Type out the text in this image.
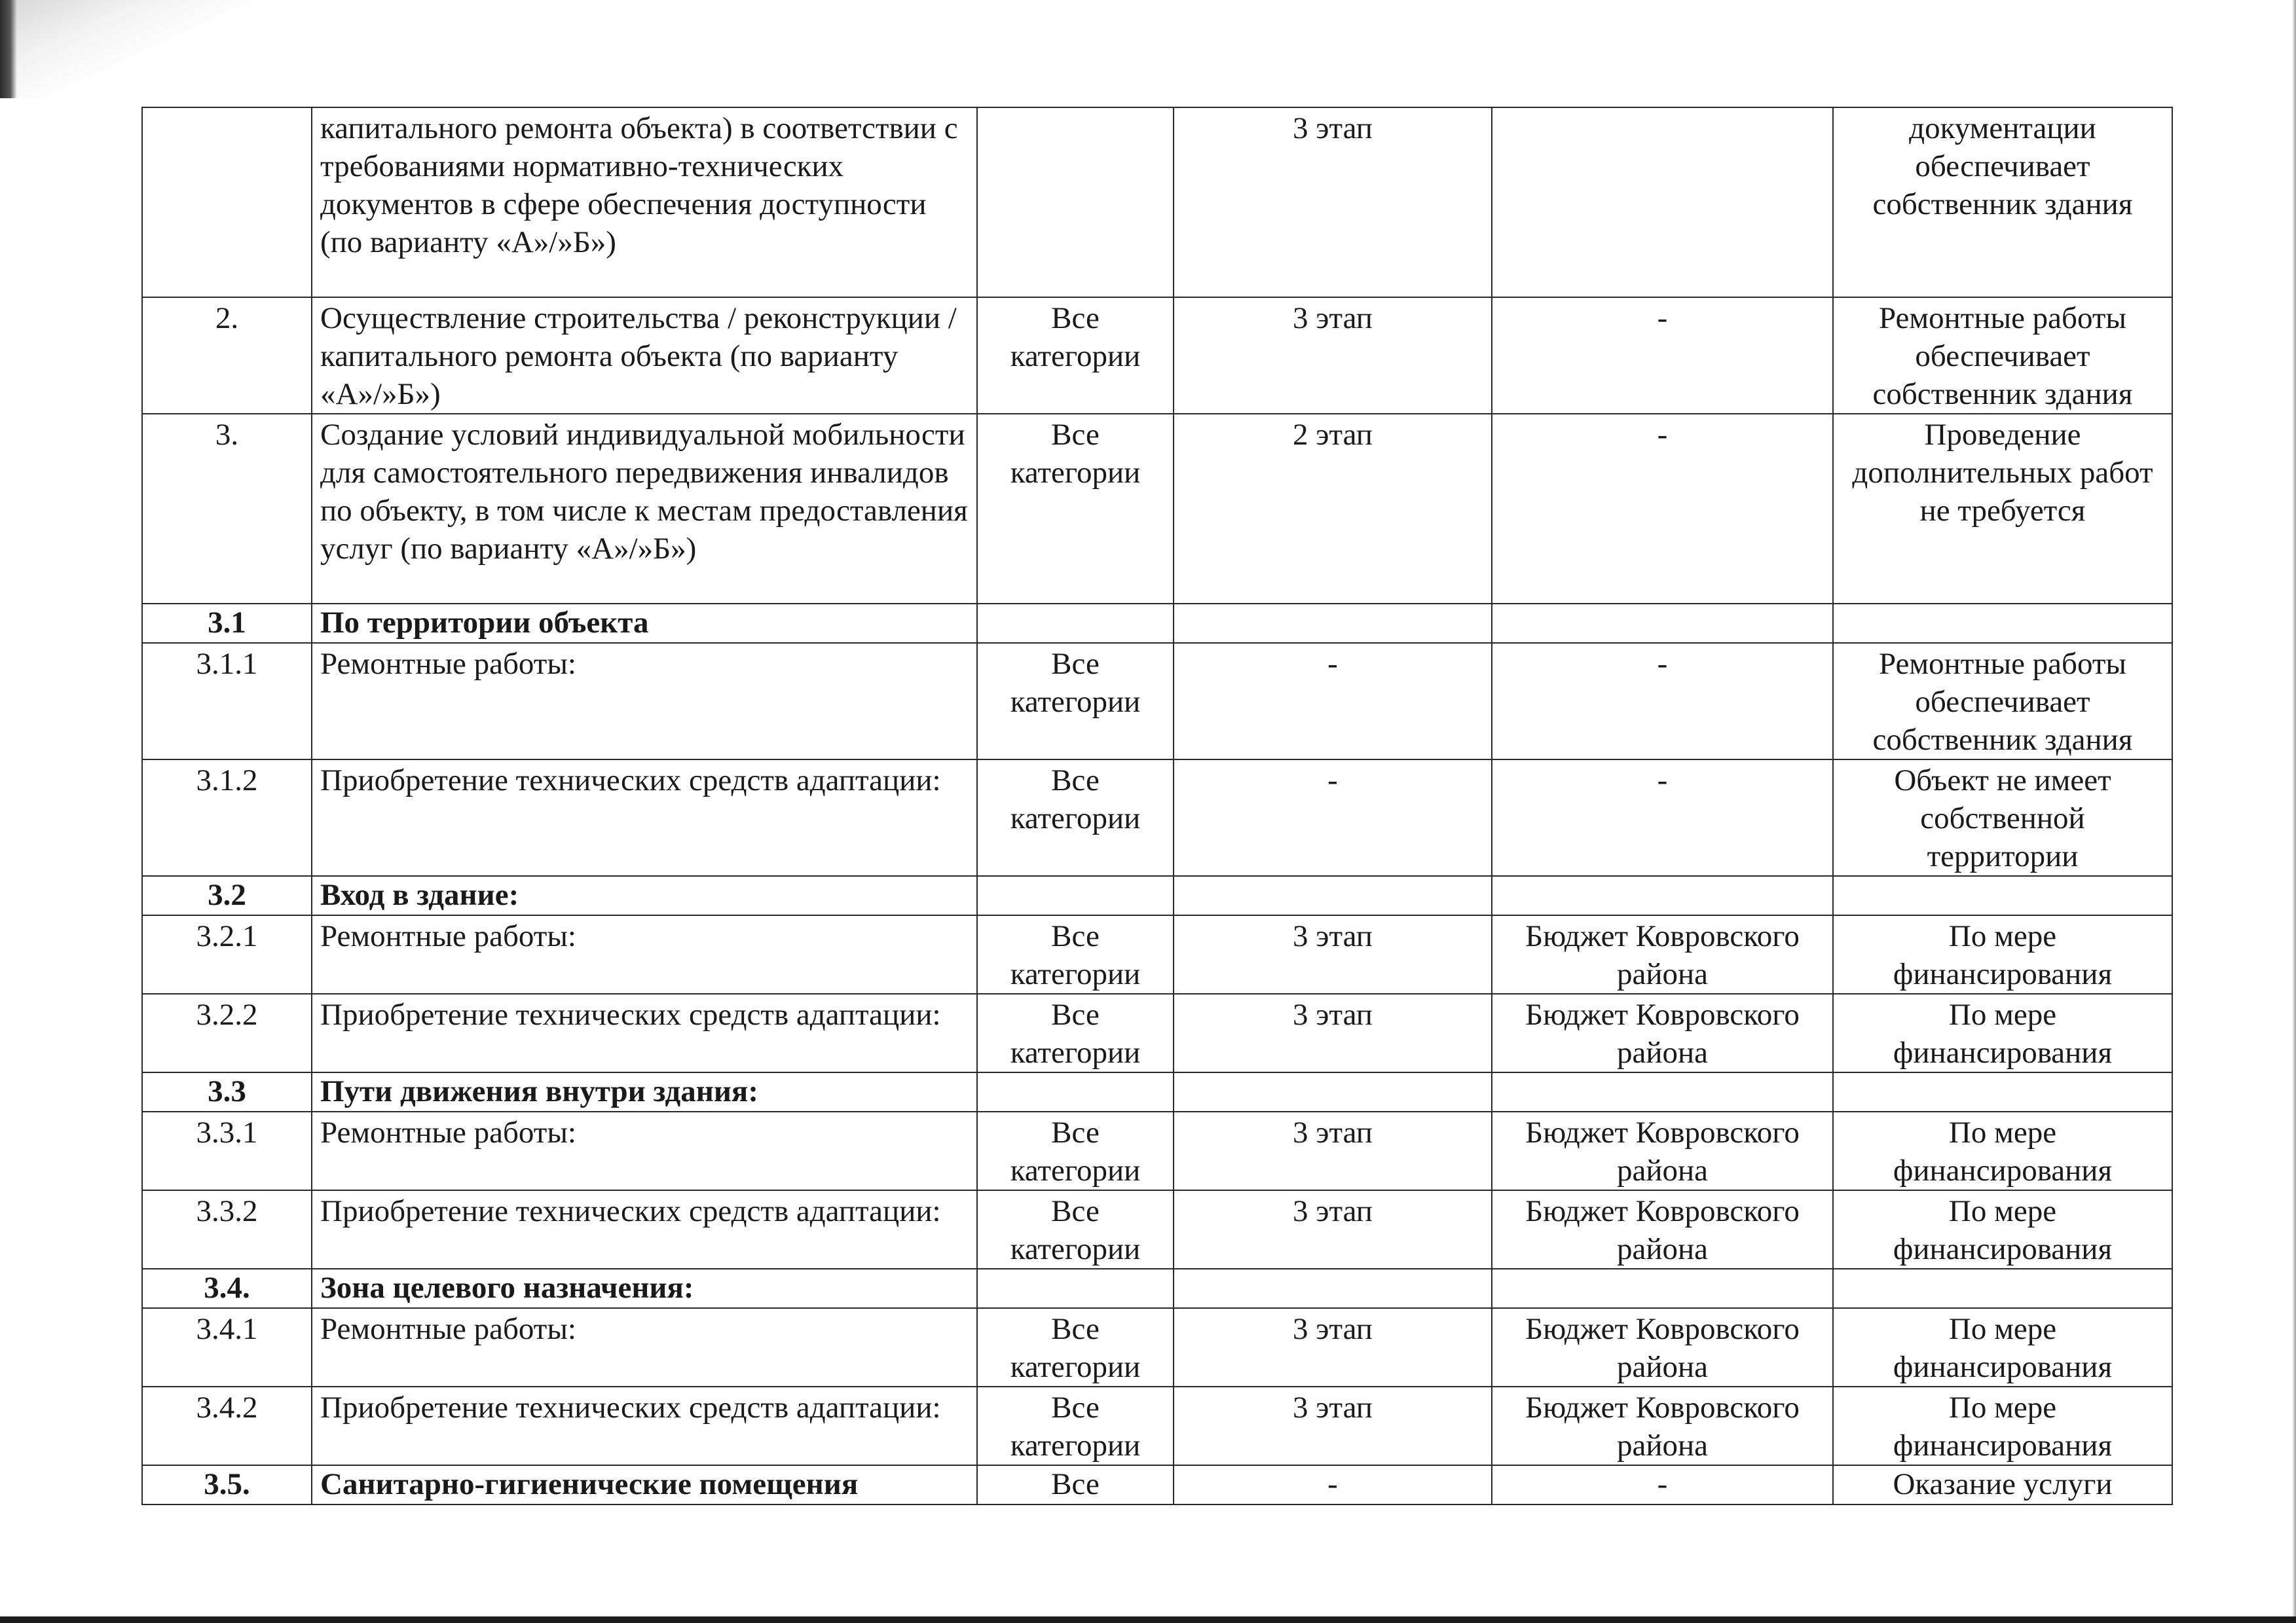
	капитального ремонта объекта) в соответствии с требованиями нормативно-технических документов в сфере обеспечения доступности (по варианту «А»/»Б»)		3 этап		документации обеспечивает собственник здания
2.	Осуществление строительства / реконструкции / капитального ремонта объекта (по варианту «А»/»Б»)	Все категории	3 этап	-	Ремонтные работы обеспечивает собственник здания
3.	Создание условий индивидуальной мобильности для самостоятельного передвижения инвалидов по объекту, в том числе к местам предоставления услуг (по варианту «А»/»Б»)	Все категории	2 этап	-	Проведение дополнительных работ не требуется
3.1	По территории объекта				
3.1.1	Ремонтные работы:	Все категории	-	-	Ремонтные работы обеспечивает собственник здания
3.1.2	Приобретение технических средств адаптации:	Все категории	-	-	Объект не имеет собственной территории
3.2	Вход в здание:				
3.2.1	Ремонтные работы:	Все категории	3 этап	Бюджет Ковровского района	По мере финансирования
3.2.2	Приобретение технических средств адаптации:	Все категории	3 этап	Бюджет Ковровского района	По мере финансирования
3.3	Пути движения внутри здания:				
3.3.1	Ремонтные работы:	Все категории	3 этап	Бюджет Ковровского района	По мере финансирования
3.3.2	Приобретение технических средств адаптации:	Все категории	3 этап	Бюджет Ковровского района	По мере финансирования
3.4.	Зона целевого назначения:				
3.4.1	Ремонтные работы:	Все категории	3 этап	Бюджет Ковровского района	По мере финансирования
3.4.2	Приобретение технических средств адаптации:	Все категории	3 этап	Бюджет Ковровского района	По мере финансирования
3.5.	Санитарно-гигиенические помещения	Все	-	-	Оказание услуги
